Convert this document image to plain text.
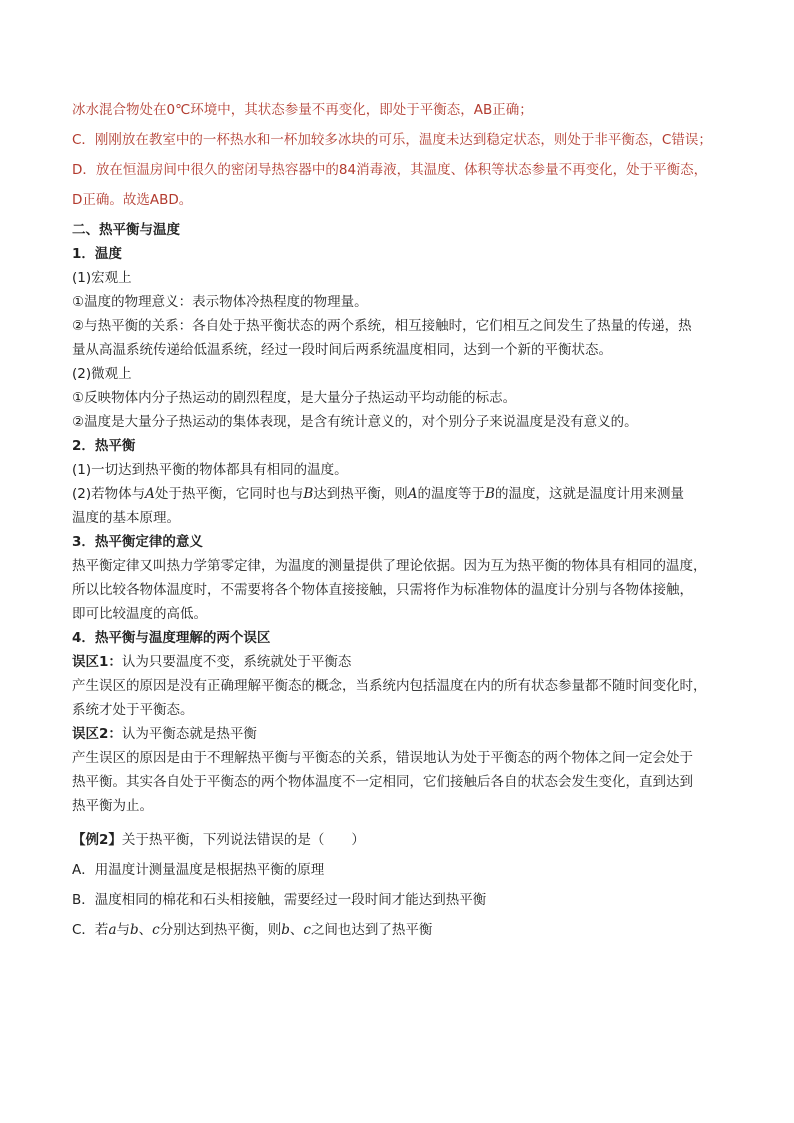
冰水混合物处在0℃环境中，其状态参量不再变化，即处于平衡态，AB正确；
C．刚刚放在教室中的一杯热水和一杯加较多冰块的可乐，温度未达到稳定状态，则处于非平衡态，C错误；
D．放在恒温房间中很久的密闭导热容器中的84消毒液，其温度、体积等状态参量不再变化，处于平衡态，
D正确。故选ABD。
二、热平衡与温度
1．温度
(1)宏观上
①温度的物理意义：表示物体冷热程度的物理量。
②与热平衡的关系：各自处于热平衡状态的两个系统，相互接触时，它们相互之间发生了热量的传递，热
量从高温系统传递给低温系统，经过一段时间后两系统温度相同，达到一个新的平衡状态。
(2)微观上
①反映物体内分子热运动的剧烈程度，是大量分子热运动平均动能的标志。
②温度是大量分子热运动的集体表现，是含有统计意义的，对个别分子来说温度是没有意义的。
2．热平衡
(1)一切达到热平衡的物体都具有相同的温度。
(2)若物体与A处于热平衡，它同时也与B达到热平衡，则A的温度等于B的温度，这就是温度计用来测量
温度的基本原理。
3．热平衡定律的意义
热平衡定律又叫热力学第零定律，为温度的测量提供了理论依据。因为互为热平衡的物体具有相同的温度，
所以比较各物体温度时，不需要将各个物体直接接触，只需将作为标准物体的温度计分别与各物体接触，
即可比较温度的高低。
4．热平衡与温度理解的两个误区
误区1：认为只要温度不变，系统就处于平衡态
产生误区的原因是没有正确理解平衡态的概念，当系统内包括温度在内的所有状态参量都不随时间变化时，
系统才处于平衡态。
误区2：认为平衡态就是热平衡
产生误区的原因是由于不理解热平衡与平衡态的关系，错误地认为处于平衡态的两个物体之间一定会处于
热平衡。其实各自处于平衡态的两个物体温度不一定相同，它们接触后各自的状态会发生变化，直到达到
热平衡为止。
【例2】关于热平衡，下列说法错误的是（　　）
A．用温度计测量温度是根据热平衡的原理
B．温度相同的棉花和石头相接触，需要经过一段时间才能达到热平衡
C．若a与b、c分别达到热平衡，则b、c之间也达到了热平衡
